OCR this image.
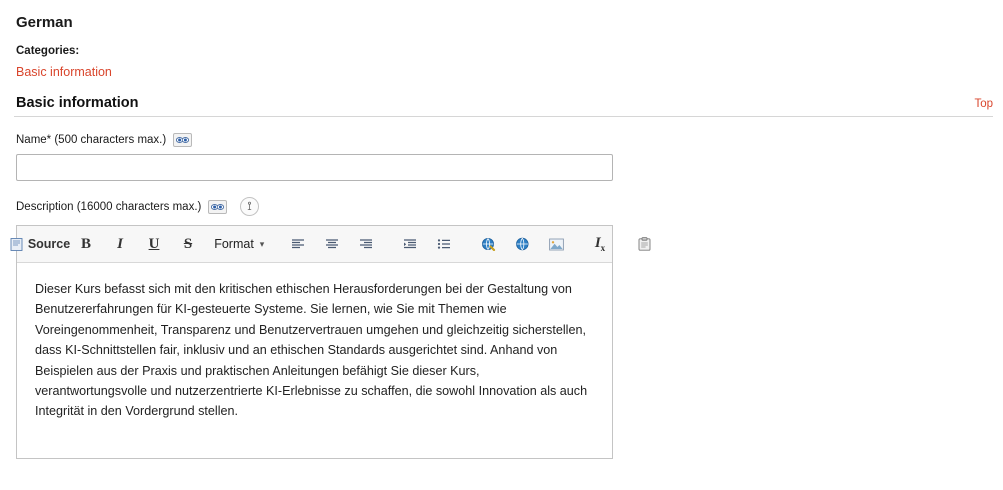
German
Categories:
Basic information
Basic information	Top
Name* (500 characters max.)
Description (16000 characters max.)
Source B	I	U	S	Format ▾	$I_x$

Dieser Kurs befasst sich mit den kritischen ethischen Herausforderungen bei der Gestaltung von Benutzererfahrungen für KI-gesteuerte Systeme. Sie lernen, wie Sie mit Themen wie Voreingenommenheit, Transparenz und Benutzervertrauen umgehen und gleichzeitig sicherstellen, dass KI-Schnittstellen fair, inklusiv und an ethischen Standards ausgerichtet sind. Anhand von Beispielen aus der Praxis und praktischen Anleitungen befähigt Sie dieser Kurs, verantwortungsvolle und nutzerzentrierte KI-Erlebnisse zu schaffen, die sowohl Innovation als auch Integrität in den Vordergrund stellen.
